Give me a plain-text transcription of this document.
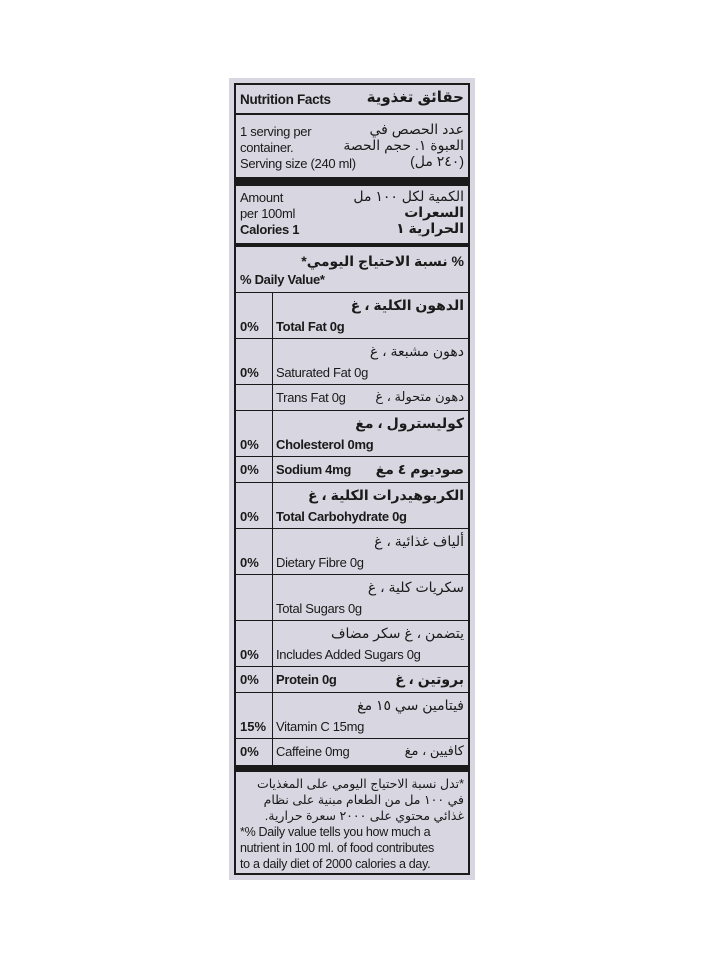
Nutrition Facts حقائق تغذوية
1 serving per
container.
Serving size (240 ml)
عدد الحصص في
العبوة ١. حجم الحصة
(٢٤٠ مل)
Amount
per 100ml
Calories 1
الكمية لكل ١٠٠ مل
السعرات
الحرارية ١
% نسبة الاحتياج اليومي*
% Daily Value*
0%
الدهون الكلية ، غ
Total Fat 0g
0%
دهون مشبعة ، غ
Saturated Fat 0g
Trans Fat 0g دهون متحولة ، غ
0%
كوليسترول ، مغ
Cholesterol 0mg
0% Sodium 4mg صوديوم ٤ مغ
0%
الكربوهيدرات الكلية ، غ
Total Carbohydrate 0g
0%
ألياف غذائية ، غ
Dietary Fibre 0g
سكريات كلية ، غ
Total Sugars 0g
0%
يتضمن ، غ سكر مضاف
Includes Added Sugars 0g
0% Protein 0g	بروتين ، غ
15%
فيتامين سي ١٥ مغ
Vitamin C 15mg
0% Caffeine 0mg	كافيين ، مغ
*تدل نسبة الاحتياج اليومي على المغذيات
في ١٠٠ مل من الطعام مبنية على نظام
غذائي محتوي على ٢٠٠٠ سعرة حرارية.
*% Daily value tells you how much a
nutrient in 100 ml. of food contributes
to a daily diet of 2000 calories a day.
